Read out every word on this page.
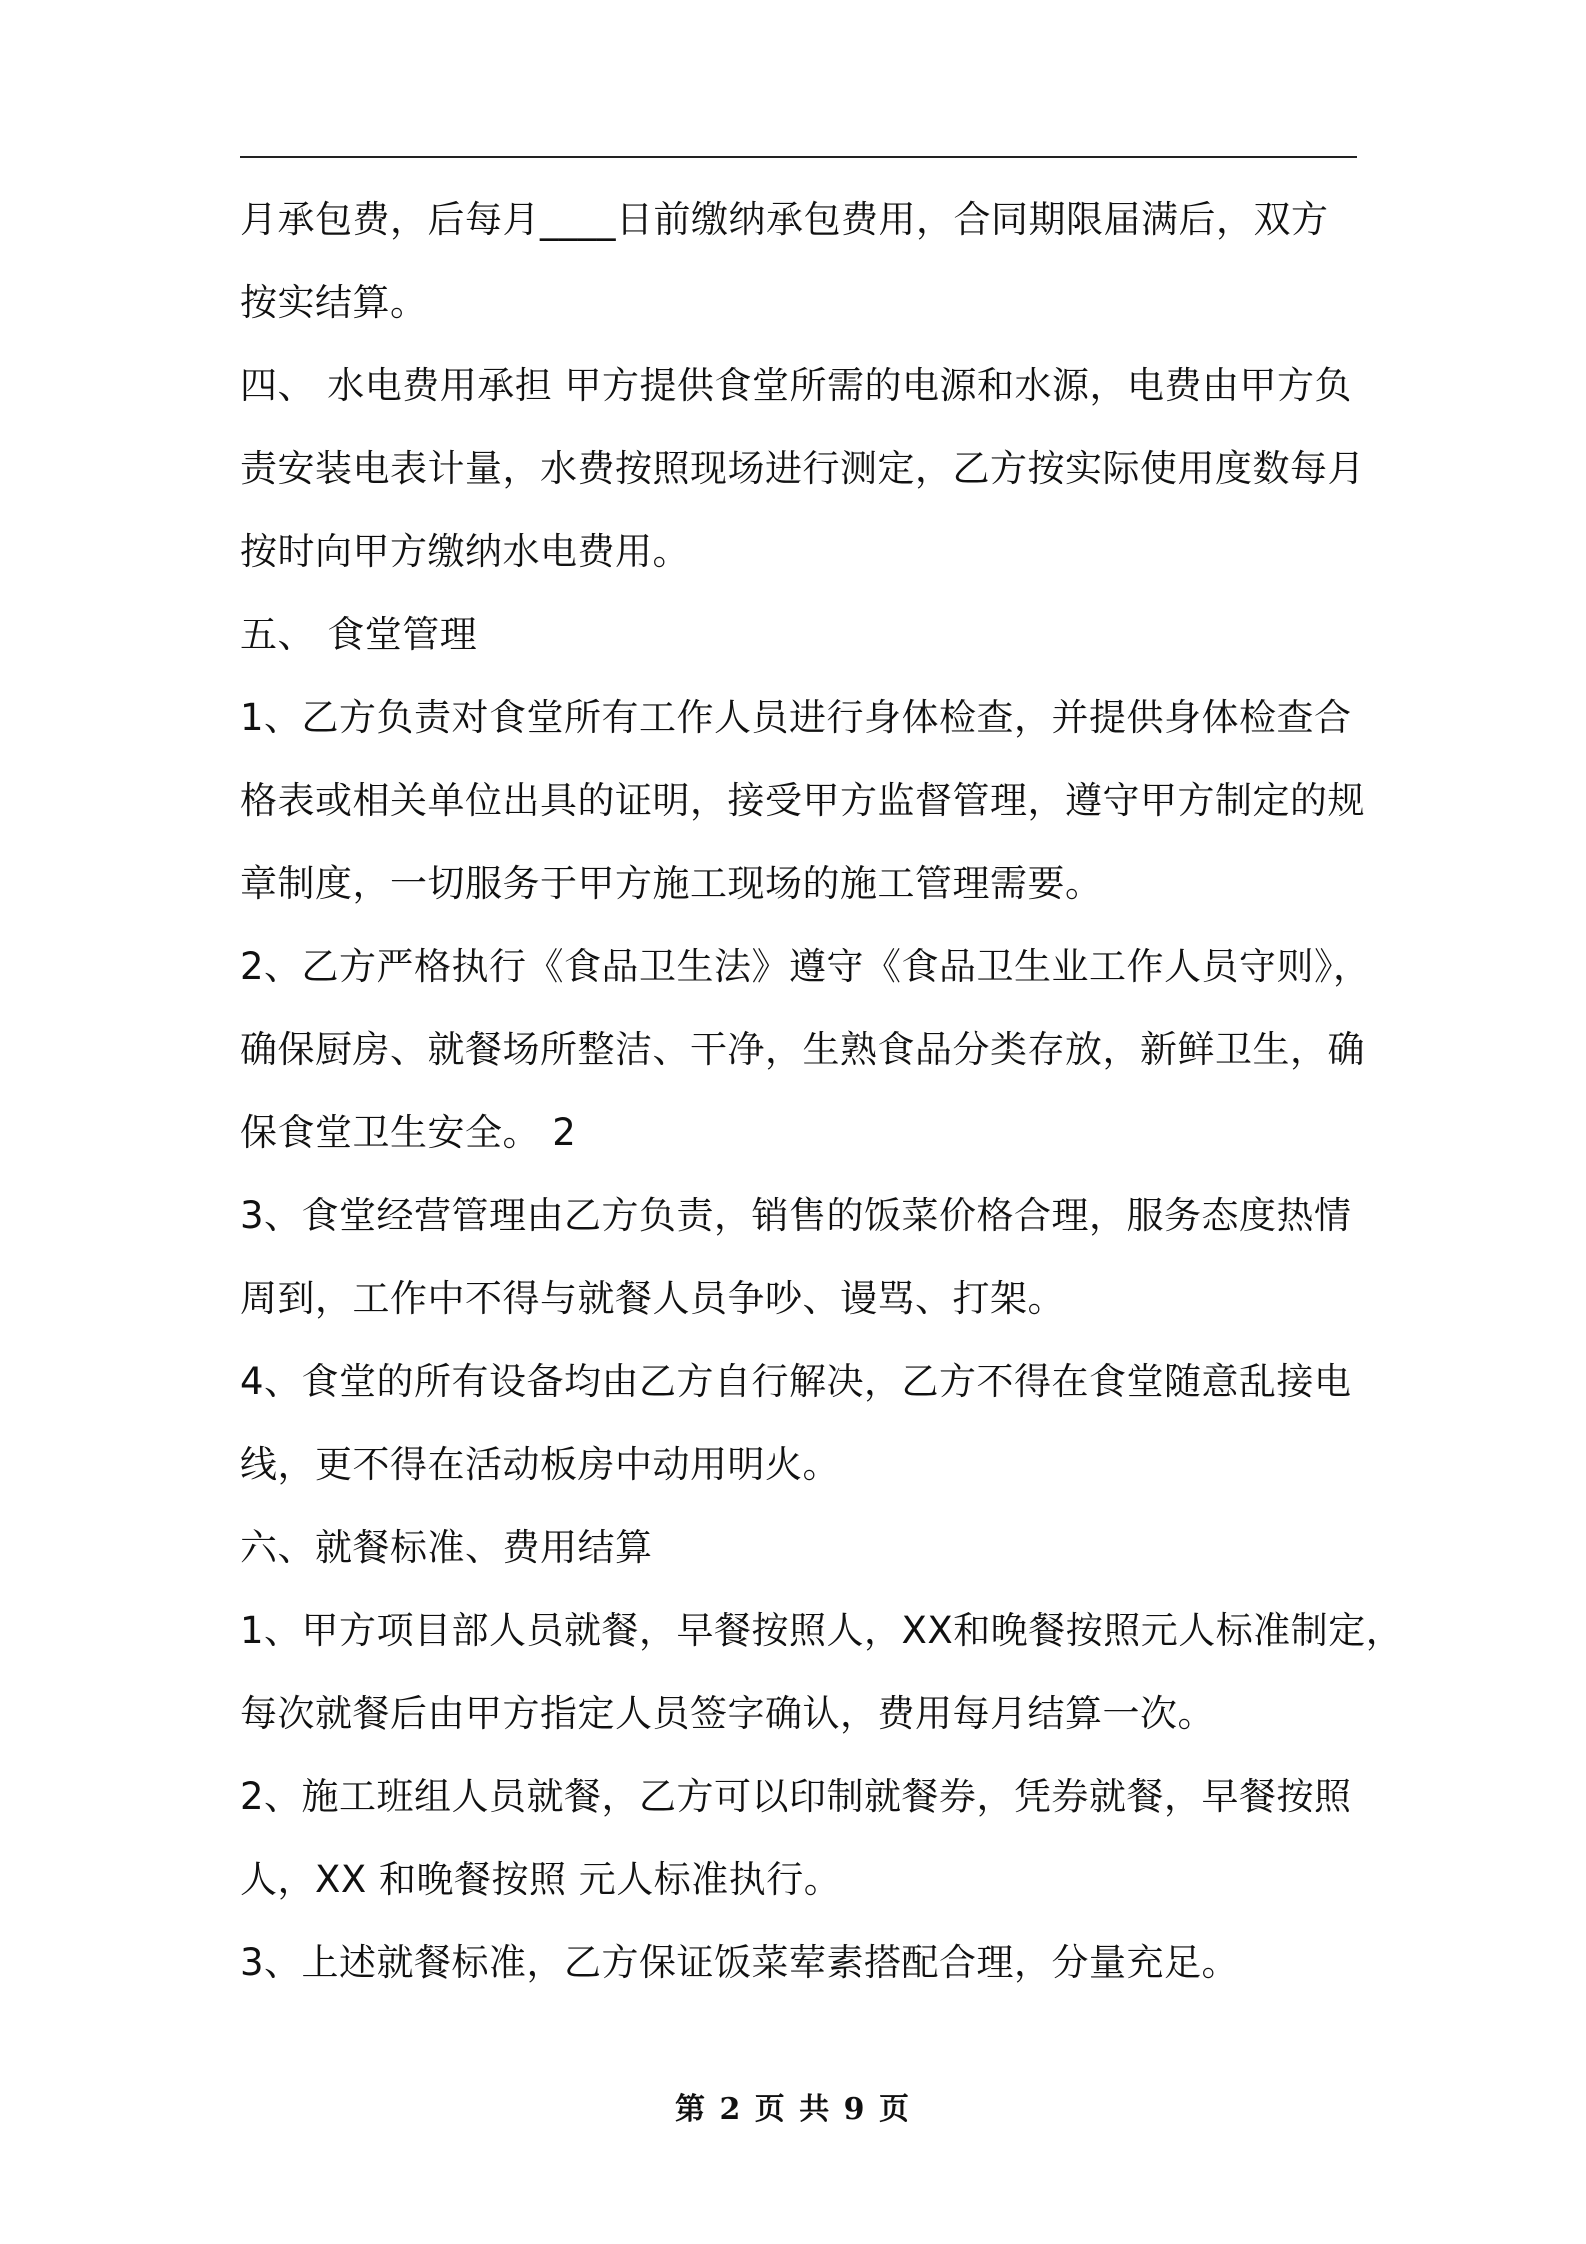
月承包费，后每月____日前缴纳承包费用，合同期限届满后，双方
按实结算。
四、 水电费用承担 甲方提供食堂所需的电源和水源，电费由甲方负
责安装电表计量，水费按照现场进行测定，乙方按实际使用度数每月
按时向甲方缴纳水电费用。
五、 食堂管理
1、乙方负责对食堂所有工作人员进行身体检查，并提供身体检查合
格表或相关单位出具的证明，接受甲方监督管理，遵守甲方制定的规
章制度，一切服务于甲方施工现场的施工管理需要。
2、乙方严格执行《食品卫生法》遵守《食品卫生业工作人员守则》，
确保厨房、就餐场所整洁、干净，生熟食品分类存放，新鲜卫生，确
保食堂卫生安全。 2
3、食堂经营管理由乙方负责，销售的饭菜价格合理，服务态度热情
周到，工作中不得与就餐人员争吵、谩骂、打架。
4、食堂的所有设备均由乙方自行解决，乙方不得在食堂随意乱接电
线，更不得在活动板房中动用明火。
六、就餐标准、费用结算
1、甲方项目部人员就餐，早餐按照人，XX和晚餐按照元人标准制定，
每次就餐后由甲方指定人员签字确认，费用每月结算一次。
2、施工班组人员就餐，乙方可以印制就餐券，凭券就餐，早餐按照
人，XX 和晚餐按照 元人标准执行。
3、上述就餐标准，乙方保证饭菜荤素搭配合理，分量充足。
第 2 页 共 9 页
